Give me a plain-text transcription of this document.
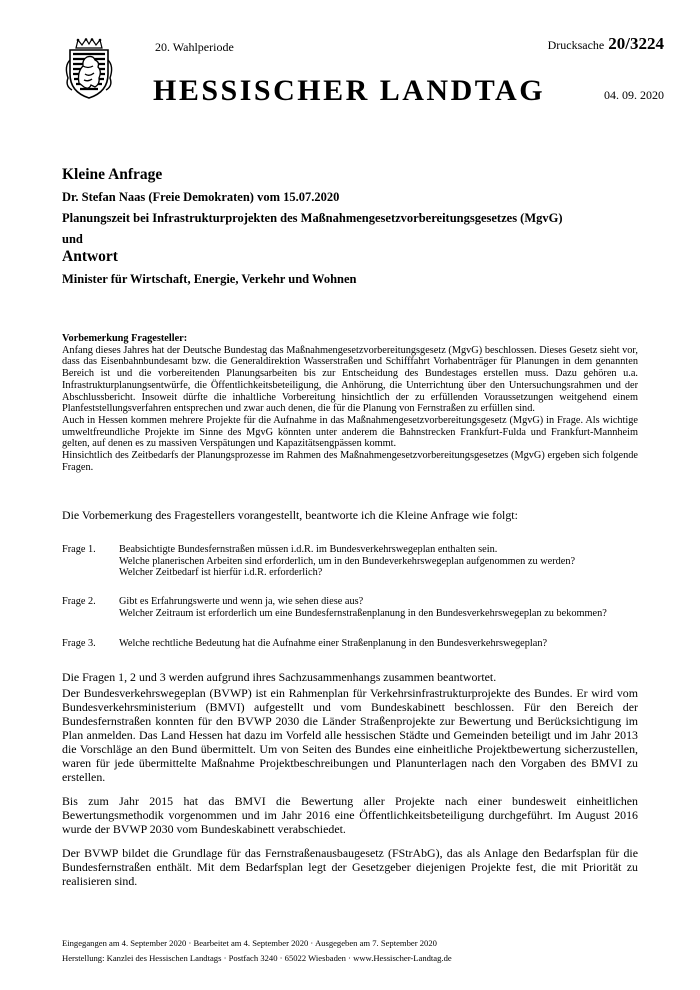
20. Wahlperiode	Drucksache 20/3224
HESSISCHER LANDTAG	04. 09. 2020
Kleine Anfrage
Dr. Stefan Naas (Freie Demokraten) vom 15.07.2020
Planungszeit bei Infrastrukturprojekten des Maßnahmengesetzvorbereitungsgesetzes (MgvG)
und
Antwort
Minister für Wirtschaft, Energie, Verkehr und Wohnen
Vorbemerkung Fragesteller:
Anfang dieses Jahres hat der Deutsche Bundestag das Maßnahmengesetzvorbereitungsgesetz (MgvG) beschlossen. Dieses Gesetz sieht vor, dass das Eisenbahnbundesamt bzw. die Generaldirektion Wasserstraßen und Schifffahrt Vorhabenträger für Planungen in dem genannten Bereich ist und die vorbereitenden Planungsarbeiten bis zur Entscheidung des Bundestages erstellen muss. Dazu gehören u.a. Infrastrukturplanungsentwürfe, die Öffentlichkeitsbeteiligung, die Anhörung, die Unterrichtung über den Untersuchungsrahmen und der Abschlussbericht. Insoweit dürfte die inhaltliche Vorbereitung hinsichtlich der zu erfüllenden Voraussetzungen weitgehend einem Planfeststellungsverfahren entsprechen und zwar auch denen, die für die Planung von Fernstraßen zu erfüllen sind.
Auch in Hessen kommen mehrere Projekte für die Aufnahme in das Maßnahmengesetzvorbereitungsgesetz (MgvG) in Frage. Als wichtige umweltfreundliche Projekte im Sinne des MgvG könnten unter anderem die Bahnstrecken Frankfurt-Fulda und Frankfurt-Mannheim gelten, auf denen es zu massiven Verspätungen und Kapazitätsengpässen kommt.
Hinsichtlich des Zeitbedarfs der Planungsprozesse im Rahmen des Maßnahmengesetzvorbereitungsgesetzes (MgvG) ergeben sich folgende Fragen.
Die Vorbemerkung des Fragestellers vorangestellt, beantworte ich die Kleine Anfrage wie folgt:
Frage 1. Beabsichtigte Bundesfernstraßen müssen i.d.R. im Bundesverkehrswegeplan enthalten sein.
Welche planerischen Arbeiten sind erforderlich, um in den Bundeverkehrswegeplan aufgenommen zu werden?
Welcher Zeitbedarf ist hierfür i.d.R. erforderlich?
Frage 2. Gibt es Erfahrungswerte und wenn ja, wie sehen diese aus?
Welcher Zeitraum ist erforderlich um eine Bundesfernstraßenplanung in den Bundesverkehrswegeplan zu bekommen?
Frage 3. Welche rechtliche Bedeutung hat die Aufnahme einer Straßenplanung in den Bundesverkehrswegeplan?

Die Fragen 1, 2 und 3 werden aufgrund ihres Sachzusammenhangs zusammen beantwortet.

Der Bundesverkehrswegeplan (BVWP) ist ein Rahmenplan für Verkehrsinfrastrukturprojekte des Bundes. Er wird vom Bundesverkehrsministerium (BMVI) aufgestellt und vom Bundeskabinett beschlossen. Für den Bereich der Bundesfernstraßen konnten für den BVWP 2030 die Länder Straßenprojekte zur Bewertung und Berücksichtigung im Plan anmelden. Das Land Hessen hat dazu im Vorfeld alle hessischen Städte und Gemeinden beteiligt und im Jahr 2013 die Vorschläge an den Bund übermittelt. Um von Seiten des Bundes eine einheitliche Projektbewertung sicherzustellen, waren für jede übermittelte Maßnahme Projektbeschreibungen und Planunterlagen nach den Vorgaben des BMVI zu erstellen.

Bis zum Jahr 2015 hat das BMVI die Bewertung aller Projekte nach einer bundesweit einheitlichen Bewertungsmethodik vorgenommen und im Jahr 2016 eine Öffentlichkeitsbeteiligung durchgeführt. Im August 2016 wurde der BVWP 2030 vom Bundeskabinett verabschiedet.

Der BVWP bildet die Grundlage für das Fernstraßenausbaugesetz (FStrAbG), das als Anlage den Bedarfsplan für die Bundesfernstraßen enthält. Mit dem Bedarfsplan legt der Gesetzgeber diejenigen Projekte fest, die mit Priorität zu realisieren sind.

Eingegangen am 4. September 2020 · Bearbeitet am 4. September 2020 · Ausgegeben am 7. September 2020
Herstellung: Kanzlei des Hessischen Landtags · Postfach 3240 · 65022 Wiesbaden · www.Hessischer-Landtag.de
